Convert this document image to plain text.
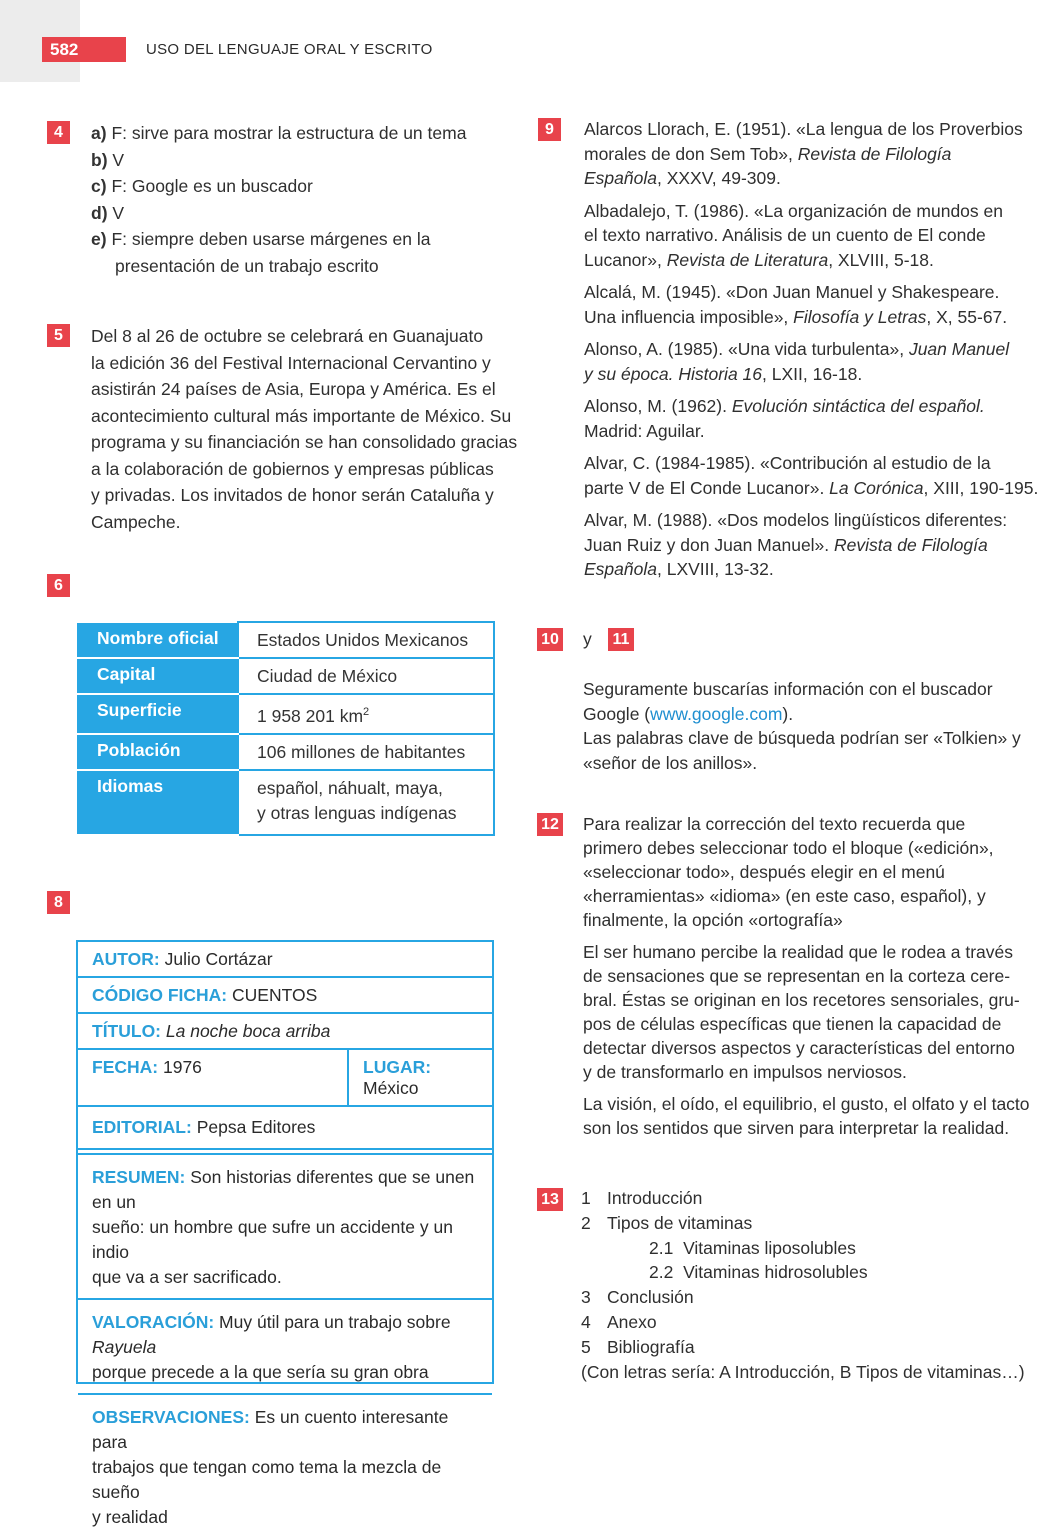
582	USO DEL LENGUAJE ORAL Y ESCRITO
4	a) F: sirve para mostrar la estructura de un tema
b) V
c) F: Google es un buscador
d) V
e) F: siempre deben usarse márgenes en la
presentación de un trabajo escrito
5	Del 8 al 26 de octubre se celebrará en Guanajuato
la edición 36 del Festival Internacional Cervantino y
asistirán 24 países de Asia, Europa y América. Es el
acontecimiento cultural más importante de México. Su
programa y su financiación se han consolidado gracias
a la colaboración de gobiernos y empresas públicas
y privadas. Los invitados de honor serán Cataluña y
Campeche.
6
Nombre oficial	Estados Unidos Mexicanos
Capital	Ciudad de México
Superficie	1 958 201 $km^2$
Población	106 millones de habitantes
Idiomas	español, náhualt, maya,
y otras lenguas indígenas
8
AUTOR: Julio Cortázar
CÓDIGO FICHA: CUENTOS
TÍTULO: La noche boca arriba
FECHA: 1976	LUGAR: México
EDITORIAL: Pepsa Editores
RESUMEN: Son historias diferentes que se unen en un
sueño: un hombre que sufre un accidente y un indio
que va a ser sacrificado.
VALORACIÓN: Muy útil para un trabajo sobre Rayuela
porque precede a la que sería su gran obra
OBSERVACIONES: Es un cuento interesante para
trabajos que tengan como tema la mezcla de sueño
y realidad
9	Alarcos Llorach, E. (1951). «La lengua de los Proverbios
morales de don Sem Tob», Revista de Filología
Española, XXXV, 49-309.
Albadalejo, T. (1986). «La organización de mundos en
el texto narrativo. Análisis de un cuento de El conde
Lucanor», Revista de Literatura, XLVIII, 5-18.
Alcalá, M. (1945). «Don Juan Manuel y Shakespeare.
Una influencia imposible», Filosofía y Letras, X, 55-67.
Alonso, A. (1985). «Una vida turbulenta», Juan Manuel
y su época. Historia 16, LXII, 16-18.
Alonso, M. (1962). Evolución sintáctica del español.
Madrid: Aguilar.
Alvar, C. (1984-1985). «Contribución al estudio de la
parte V de El Conde Lucanor». La Corónica, XIII, 190-195.
Alvar, M. (1988). «Dos modelos lingüísticos diferentes:
Juan Ruiz y don Juan Manuel». Revista de Filología
Española, LXVIII, 13-32.
10 y 11
Seguramente buscarías información con el buscador
Google (www.google.com).
Las palabras clave de búsqueda podrían ser «Tolkien» y
«señor de los anillos».
12 Para realizar la corrección del texto recuerda que
primero debes seleccionar todo el bloque («edición»,
«seleccionar todo», después elegir en el menú
«herramientas» «idioma» (en este caso, español), y
finalmente, la opción «ortografía»
El ser humano percibe la realidad que le rodea a través
de sensaciones que se representan en la corteza cere-
bral. Éstas se originan en los recetores sensoriales, gru-
pos de células específicas que tienen la capacidad de
detectar diversos aspectos y características del entorno
y de transformarlo en impulsos nerviosos.
La visión, el oído, el equilibrio, el gusto, el olfato y el tacto
son los sentidos que sirven para interpretar la realidad.
13 1 Introducción
2 Tipos de vitaminas
2.1 Vitaminas liposolubles
2.2 Vitaminas hidrosolubles
3 Conclusión
4 Anexo
5 Bibliografía
(Con letras sería: A Introducción, B Tipos de vitaminas…)
